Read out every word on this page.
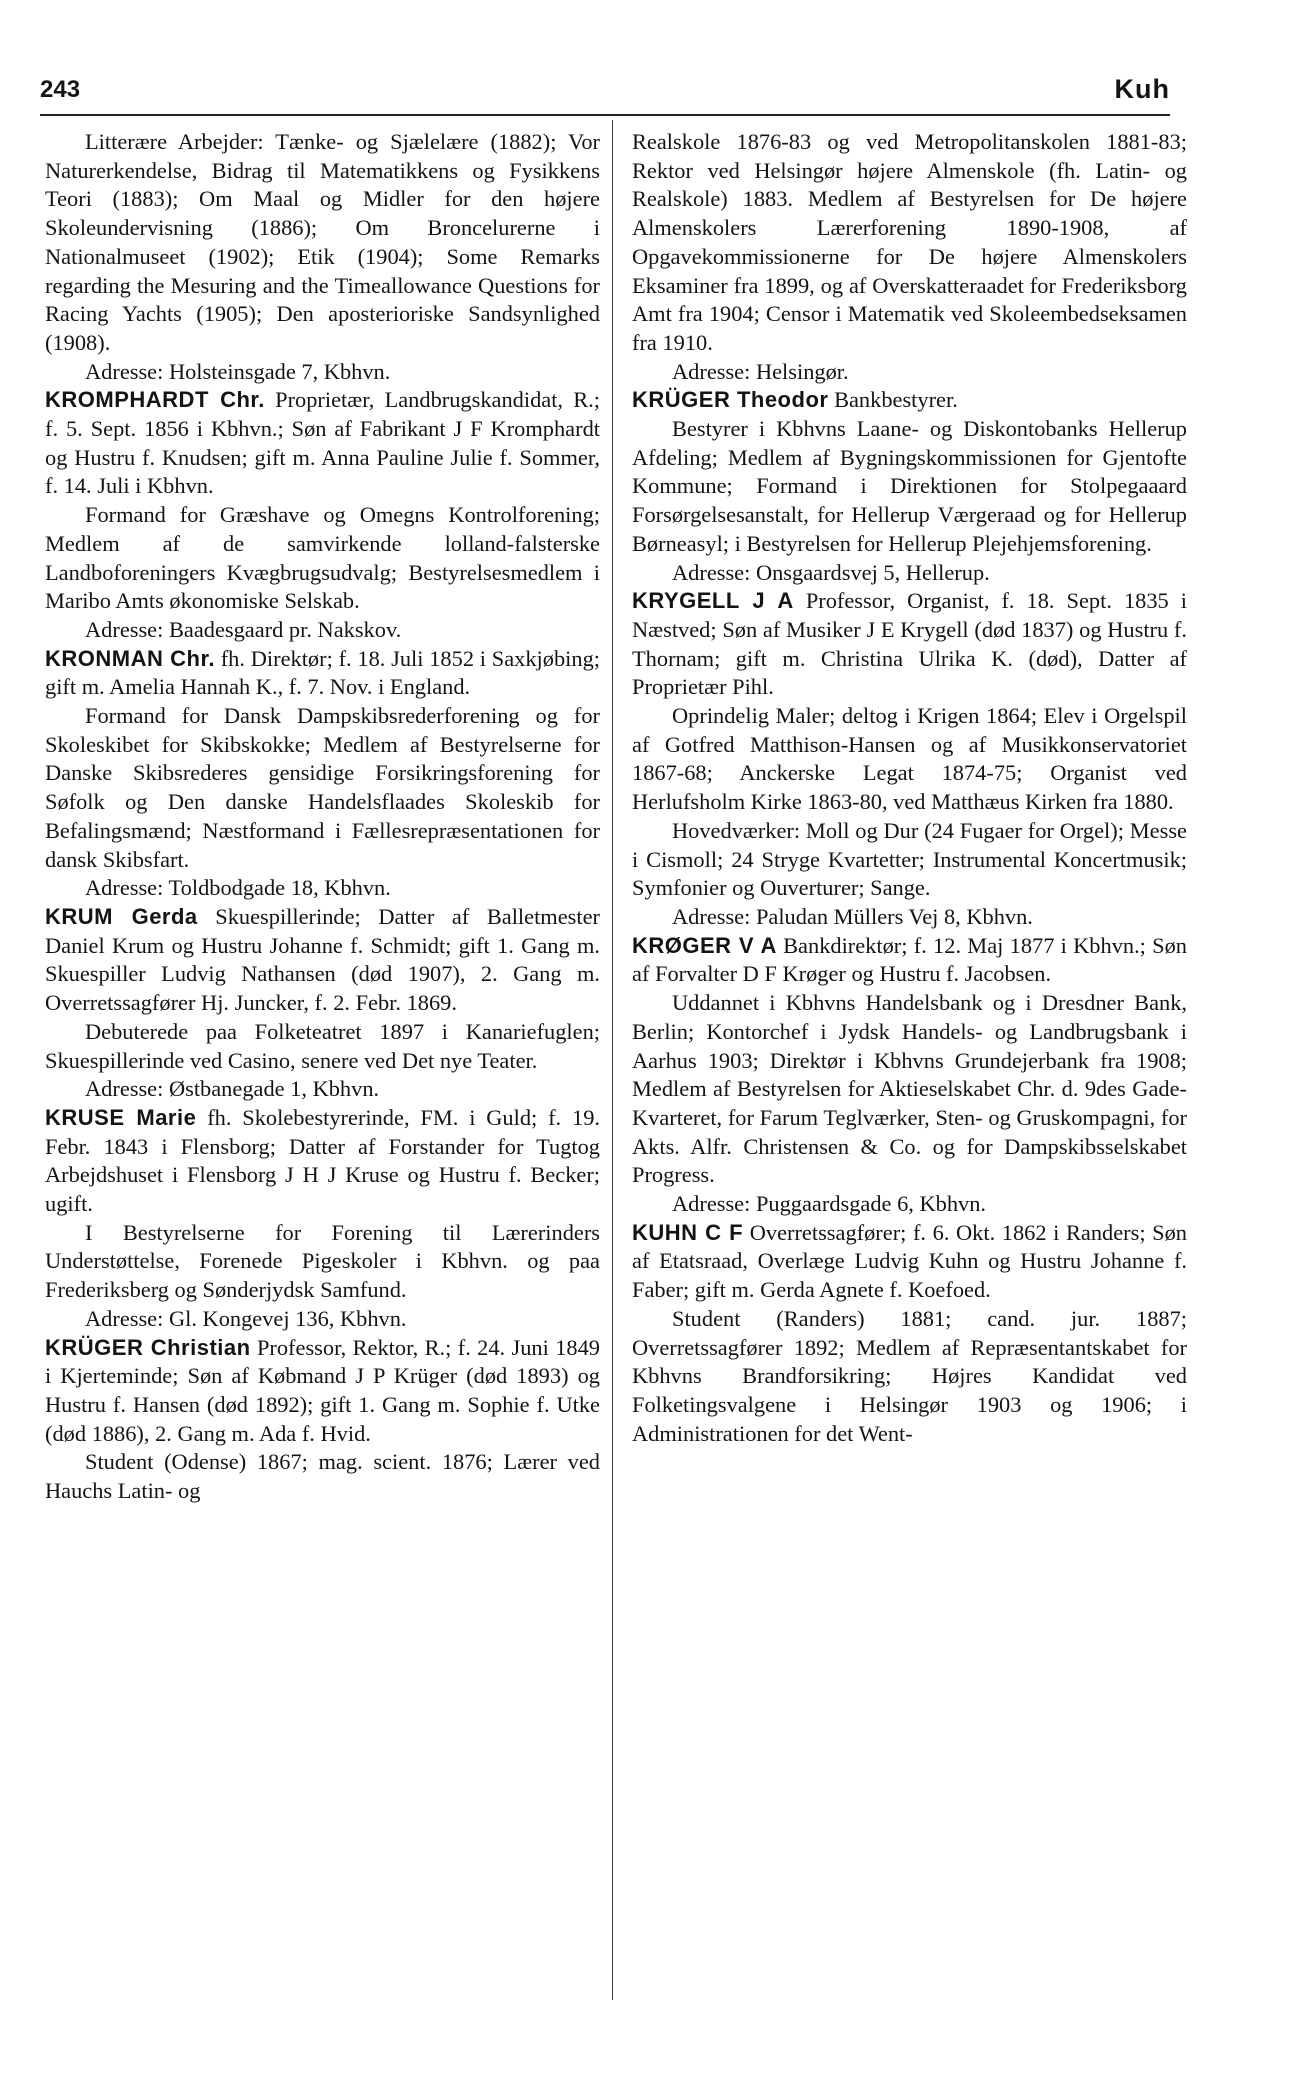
243	Kuh

Litterære Arbejder: Tænke- og Sjælelære (1882); Vor Naturerkendelse, Bidrag til Matematikkens og Fysikkens Teori (1883); Om Maal og Midler for den højere Skoleundervisning (1886); Om Broncelurerne i Nationalmuseet (1902); Etik (1904); Some Remarks regarding the Mesuring and the Timeallowance Questions for Racing Yachts (1905); Den aposterioriske Sandsynlighed (1908).

Adresse: Holsteinsgade 7, Kbhvn.

KROMPHARDT Chr. Proprietær, Landbrugskandidat, R.; f. 5. Sept. 1856 i Kbhvn.; Søn af Fabrikant J F Kromphardt og Hustru f. Knudsen; gift m. Anna Pauline Julie f. Sommer, f. 14. Juli i Kbhvn.

Formand for Græshave og Omegns Kontrolforening; Medlem af de samvirkende lolland-falsterske Landboforeningers Kvægbrugsudvalg; Bestyrelsesmedlem i Maribo Amts økonomiske Selskab.

Adresse: Baadesgaard pr. Nakskov.

KRONMAN Chr. fh. Direktør; f. 18. Juli 1852 i Saxkjøbing; gift m. Amelia Hannah K., f. 7. Nov. i England.

Formand for Dansk Dampskibsrederforening og for Skoleskibet for Skibskokke; Medlem af Bestyrelserne for Danske Skibsrederes gensidige Forsikringsforening for Søfolk og Den danske Handelsflaades Skoleskib for Befalingsmænd; Næstformand i Fællesrepræsentationen for dansk Skibsfart.

Adresse: Toldbodgade 18, Kbhvn.

KRUM Gerda Skuespillerinde; Datter af Balletmester Daniel Krum og Hustru Johanne f. Schmidt; gift 1. Gang m. Skuespiller Ludvig Nathansen (død 1907), 2. Gang m. Overretssagfører Hj. Juncker, f. 2. Febr. 1869.

Debuterede paa Folketeatret 1897 i Kanariefuglen; Skuespillerinde ved Casino, senere ved Det nye Teater.

Adresse: Østbanegade 1, Kbhvn.

KRUSE Marie fh. Skolebestyrerinde, FM. i Guld; f. 19. Febr. 1843 i Flensborg; Datter af Forstander for Tugtog Arbejdshuset i Flensborg J H J Kruse og Hustru f. Becker; ugift.

I Bestyrelserne for Forening til Lærerinders Understøttelse, Forenede Pigeskoler i Kbhvn. og paa Frederiksberg og Sønderjydsk Samfund.

Adresse: Gl. Kongevej 136, Kbhvn.

KRÜGER Christian Professor, Rektor, R.; f. 24. Juni 1849 i Kjerteminde; Søn af Købmand J P Krüger (død 1893) og Hustru f. Hansen (død 1892); gift 1. Gang m. Sophie f. Utke (død 1886), 2. Gang m. Ada f. Hvid.

Student (Odense) 1867; mag. scient. 1876; Lærer ved Hauchs Latin- og

Realskole 1876-83 og ved Metropolitanskolen 1881-83; Rektor ved Helsingør højere Almenskole (fh. Latin- og Realskole) 1883. Medlem af Bestyrelsen for De højere Almenskolers Lærerforening 1890-1908, af Opgavekommissionerne for De højere Almenskolers Eksaminer fra 1899, og af Overskatteraadet for Frederiksborg Amt fra 1904; Censor i Matematik ved Skoleembedseksamen fra 1910.

Adresse: Helsingør.

KRÜGER Theodor Bankbestyrer.

Bestyrer i Kbhvns Laane- og Diskontobanks Hellerup Afdeling; Medlem af Bygningskommissionen for Gjentofte Kommune; Formand i Direktionen for Stolpegaaard Forsørgelsesanstalt, for Hellerup Værgeraad og for Hellerup Børneasyl; i Bestyrelsen for Hellerup Plejehjemsforening.

Adresse: Onsgaardsvej 5, Hellerup.

KRYGELL J A Professor, Organist, f. 18. Sept. 1835 i Næstved; Søn af Musiker J E Krygell (død 1837) og Hustru f. Thornam; gift m. Christina Ulrika K. (død), Datter af Proprietær Pihl.

Oprindelig Maler; deltog i Krigen 1864; Elev i Orgelspil af Gotfred Matthison-Hansen og af Musikkonservatoriet 1867-68; Anckerske Legat 1874-75; Organist ved Herlufsholm Kirke 1863-80, ved Matthæus Kirken fra 1880.

Hovedværker: Moll og Dur (24 Fugaer for Orgel); Messe i Cismoll; 24 Stryge Kvartetter; Instrumental Koncertmusik; Symfonier og Ouverturer; Sange.

Adresse: Paludan Müllers Vej 8, Kbhvn.

KRØGER V A Bankdirektør; f. 12. Maj 1877 i Kbhvn.; Søn af Forvalter D F Krøger og Hustru f. Jacobsen.

Uddannet i Kbhvns Handelsbank og i Dresdner Bank, Berlin; Kontorchef i Jydsk Handels- og Landbrugsbank i Aarhus 1903; Direktør i Kbhvns Grundejerbank fra 1908; Medlem af Bestyrelsen for Aktieselskabet Chr. d. 9des Gade-Kvarteret, for Farum Teglværker, Sten- og Gruskompagni, for Akts. Alfr. Christensen & Co. og for Dampskibsselskabet Progress.

Adresse: Puggaardsgade 6, Kbhvn.

KUHN C F Overretssagfører; f. 6. Okt. 1862 i Randers; Søn af Etatsraad, Overlæge Ludvig Kuhn og Hustru Johanne f. Faber; gift m. Gerda Agnete f. Koefoed.

Student (Randers) 1881; cand. jur. 1887; Overretssagfører 1892; Medlem af Repræsentantskabet for Kbhvns Brandforsikring; Højres Kandidat ved Folketingsvalgene i Helsingør 1903 og 1906; i Administrationen for det Went-
